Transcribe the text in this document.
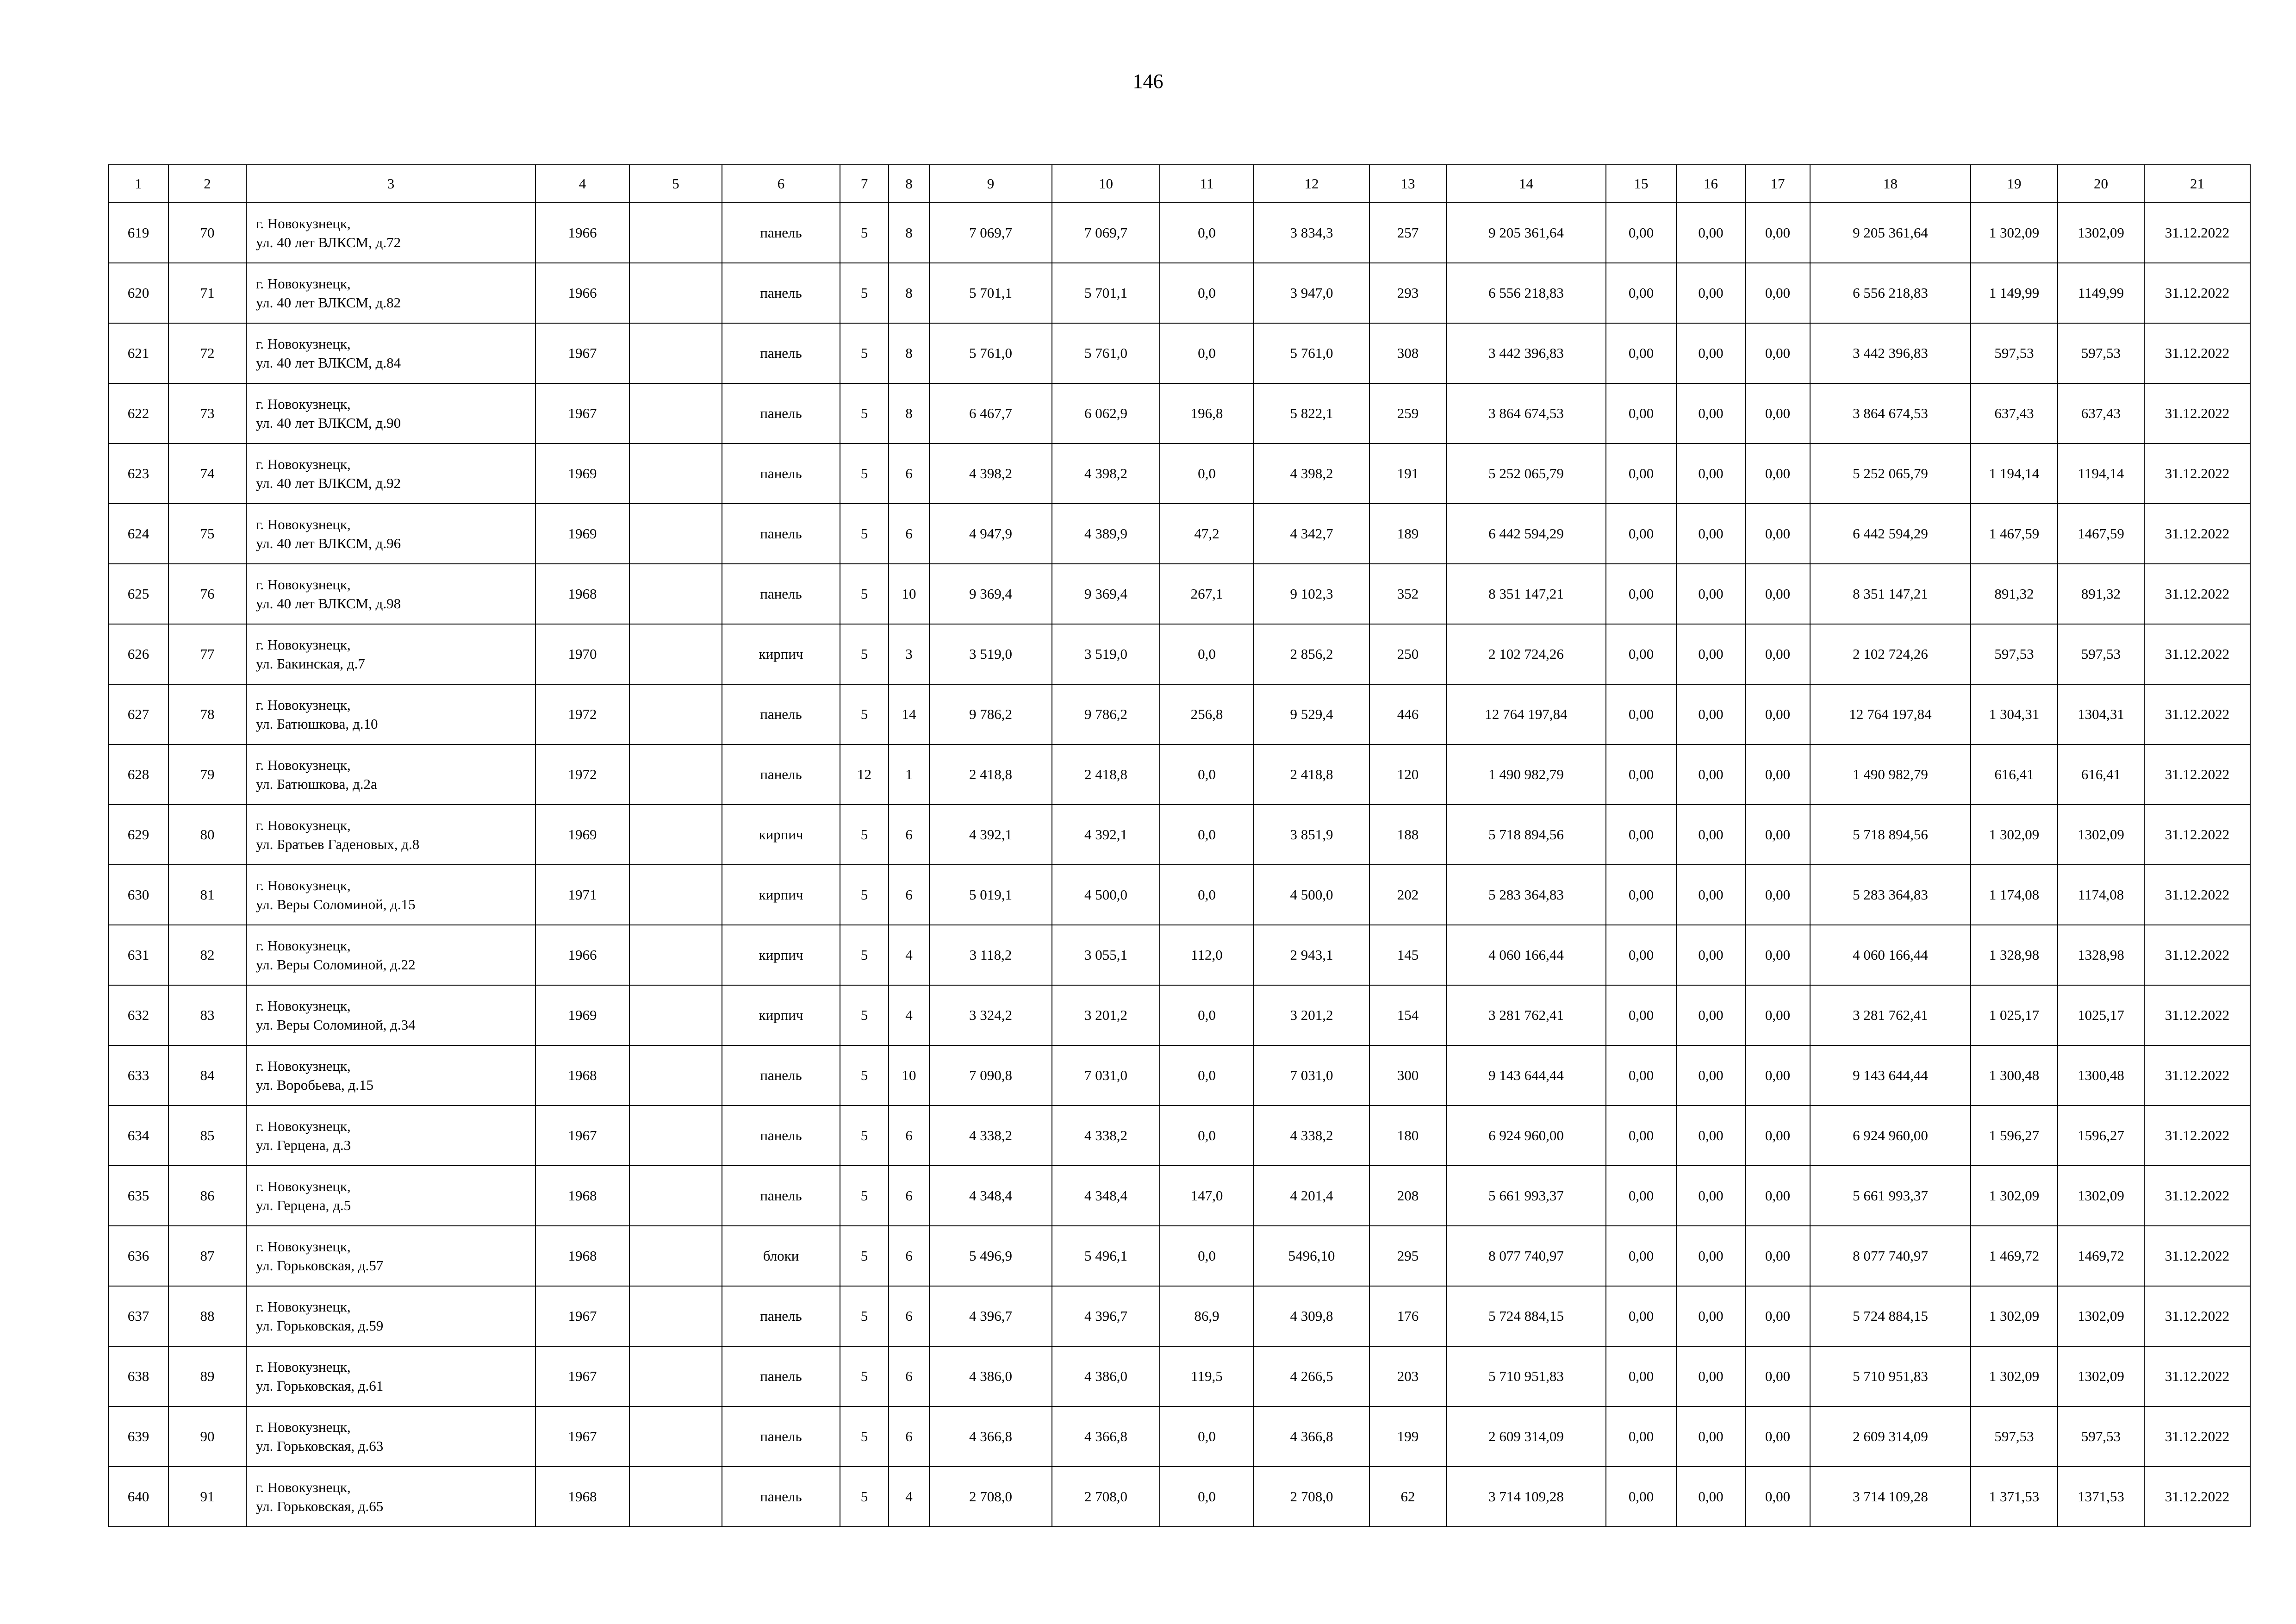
146
1	2	3	4	5	6	7	8	9	10	11	12	13	14	15	16	17	18	19	20	21
619	70	г. Новокузнецк,
ул. 40 лет ВЛКСМ, д.72	1966		панель	5	8	7 069,7	7 069,7	0,0	3 834,3	257	9 205 361,64	0,00	0,00	0,00	9 205 361,64	1 302,09	1302,09	31.12.2022
620	71	г. Новокузнецк,
ул. 40 лет ВЛКСМ, д.82	1966		панель	5	8	5 701,1	5 701,1	0,0	3 947,0	293	6 556 218,83	0,00	0,00	0,00	6 556 218,83	1 149,99	1149,99	31.12.2022
621	72	г. Новокузнецк,
ул. 40 лет ВЛКСМ, д.84	1967		панель	5	8	5 761,0	5 761,0	0,0	5 761,0	308	3 442 396,83	0,00	0,00	0,00	3 442 396,83	597,53	597,53	31.12.2022
622	73	г. Новокузнецк,
ул. 40 лет ВЛКСМ, д.90	1967		панель	5	8	6 467,7	6 062,9	196,8	5 822,1	259	3 864 674,53	0,00	0,00	0,00	3 864 674,53	637,43	637,43	31.12.2022
623	74	г. Новокузнецк,
ул. 40 лет ВЛКСМ, д.92	1969		панель	5	6	4 398,2	4 398,2	0,0	4 398,2	191	5 252 065,79	0,00	0,00	0,00	5 252 065,79	1 194,14	1194,14	31.12.2022
624	75	г. Новокузнецк,
ул. 40 лет ВЛКСМ, д.96	1969		панель	5	6	4 947,9	4 389,9	47,2	4 342,7	189	6 442 594,29	0,00	0,00	0,00	6 442 594,29	1 467,59	1467,59	31.12.2022
625	76	г. Новокузнецк,
ул. 40 лет ВЛКСМ, д.98	1968		панель	5	10	9 369,4	9 369,4	267,1	9 102,3	352	8 351 147,21	0,00	0,00	0,00	8 351 147,21	891,32	891,32	31.12.2022
626	77	г. Новокузнецк,
ул. Бакинская, д.7	1970		кирпич	5	3	3 519,0	3 519,0	0,0	2 856,2	250	2 102 724,26	0,00	0,00	0,00	2 102 724,26	597,53	597,53	31.12.2022
627	78	г. Новокузнецк,
ул. Батюшкова, д.10	1972		панель	5	14	9 786,2	9 786,2	256,8	9 529,4	446	12 764 197,84	0,00	0,00	0,00	12 764 197,84	1 304,31	1304,31	31.12.2022
628	79	г. Новокузнецк,
ул. Батюшкова, д.2а	1972		панель	12	1	2 418,8	2 418,8	0,0	2 418,8	120	1 490 982,79	0,00	0,00	0,00	1 490 982,79	616,41	616,41	31.12.2022
629	80	г. Новокузнецк,
ул. Братьев Гаденовых, д.8	1969		кирпич	5	6	4 392,1	4 392,1	0,0	3 851,9	188	5 718 894,56	0,00	0,00	0,00	5 718 894,56	1 302,09	1302,09	31.12.2022
630	81	г. Новокузнецк,
ул. Веры Соломиной, д.15	1971		кирпич	5	6	5 019,1	4 500,0	0,0	4 500,0	202	5 283 364,83	0,00	0,00	0,00	5 283 364,83	1 174,08	1174,08	31.12.2022
631	82	г. Новокузнецк,
ул. Веры Соломиной, д.22	1966		кирпич	5	4	3 118,2	3 055,1	112,0	2 943,1	145	4 060 166,44	0,00	0,00	0,00	4 060 166,44	1 328,98	1328,98	31.12.2022
632	83	г. Новокузнецк,
ул. Веры Соломиной, д.34	1969		кирпич	5	4	3 324,2	3 201,2	0,0	3 201,2	154	3 281 762,41	0,00	0,00	0,00	3 281 762,41	1 025,17	1025,17	31.12.2022
633	84	г. Новокузнецк,
ул. Воробьева, д.15	1968		панель	5	10	7 090,8	7 031,0	0,0	7 031,0	300	9 143 644,44	0,00	0,00	0,00	9 143 644,44	1 300,48	1300,48	31.12.2022
634	85	г. Новокузнецк,
ул. Герцена, д.3	1967		панель	5	6	4 338,2	4 338,2	0,0	4 338,2	180	6 924 960,00	0,00	0,00	0,00	6 924 960,00	1 596,27	1596,27	31.12.2022
635	86	г. Новокузнецк,
ул. Герцена, д.5	1968		панель	5	6	4 348,4	4 348,4	147,0	4 201,4	208	5 661 993,37	0,00	0,00	0,00	5 661 993,37	1 302,09	1302,09	31.12.2022
636	87	г. Новокузнецк,
ул. Горьковская, д.57	1968		блоки	5	6	5 496,9	5 496,1	0,0	5496,10	295	8 077 740,97	0,00	0,00	0,00	8 077 740,97	1 469,72	1469,72	31.12.2022
637	88	г. Новокузнецк,
ул. Горьковская, д.59	1967		панель	5	6	4 396,7	4 396,7	86,9	4 309,8	176	5 724 884,15	0,00	0,00	0,00	5 724 884,15	1 302,09	1302,09	31.12.2022
638	89	г. Новокузнецк,
ул. Горьковская, д.61	1967		панель	5	6	4 386,0	4 386,0	119,5	4 266,5	203	5 710 951,83	0,00	0,00	0,00	5 710 951,83	1 302,09	1302,09	31.12.2022
639	90	г. Новокузнецк,
ул. Горьковская, д.63	1967		панель	5	6	4 366,8	4 366,8	0,0	4 366,8	199	2 609 314,09	0,00	0,00	0,00	2 609 314,09	597,53	597,53	31.12.2022
640	91	г. Новокузнецк,
ул. Горьковская, д.65	1968		панель	5	4	2 708,0	2 708,0	0,0	2 708,0	62	3 714 109,28	0,00	0,00	0,00	3 714 109,28	1 371,53	1371,53	31.12.2022
